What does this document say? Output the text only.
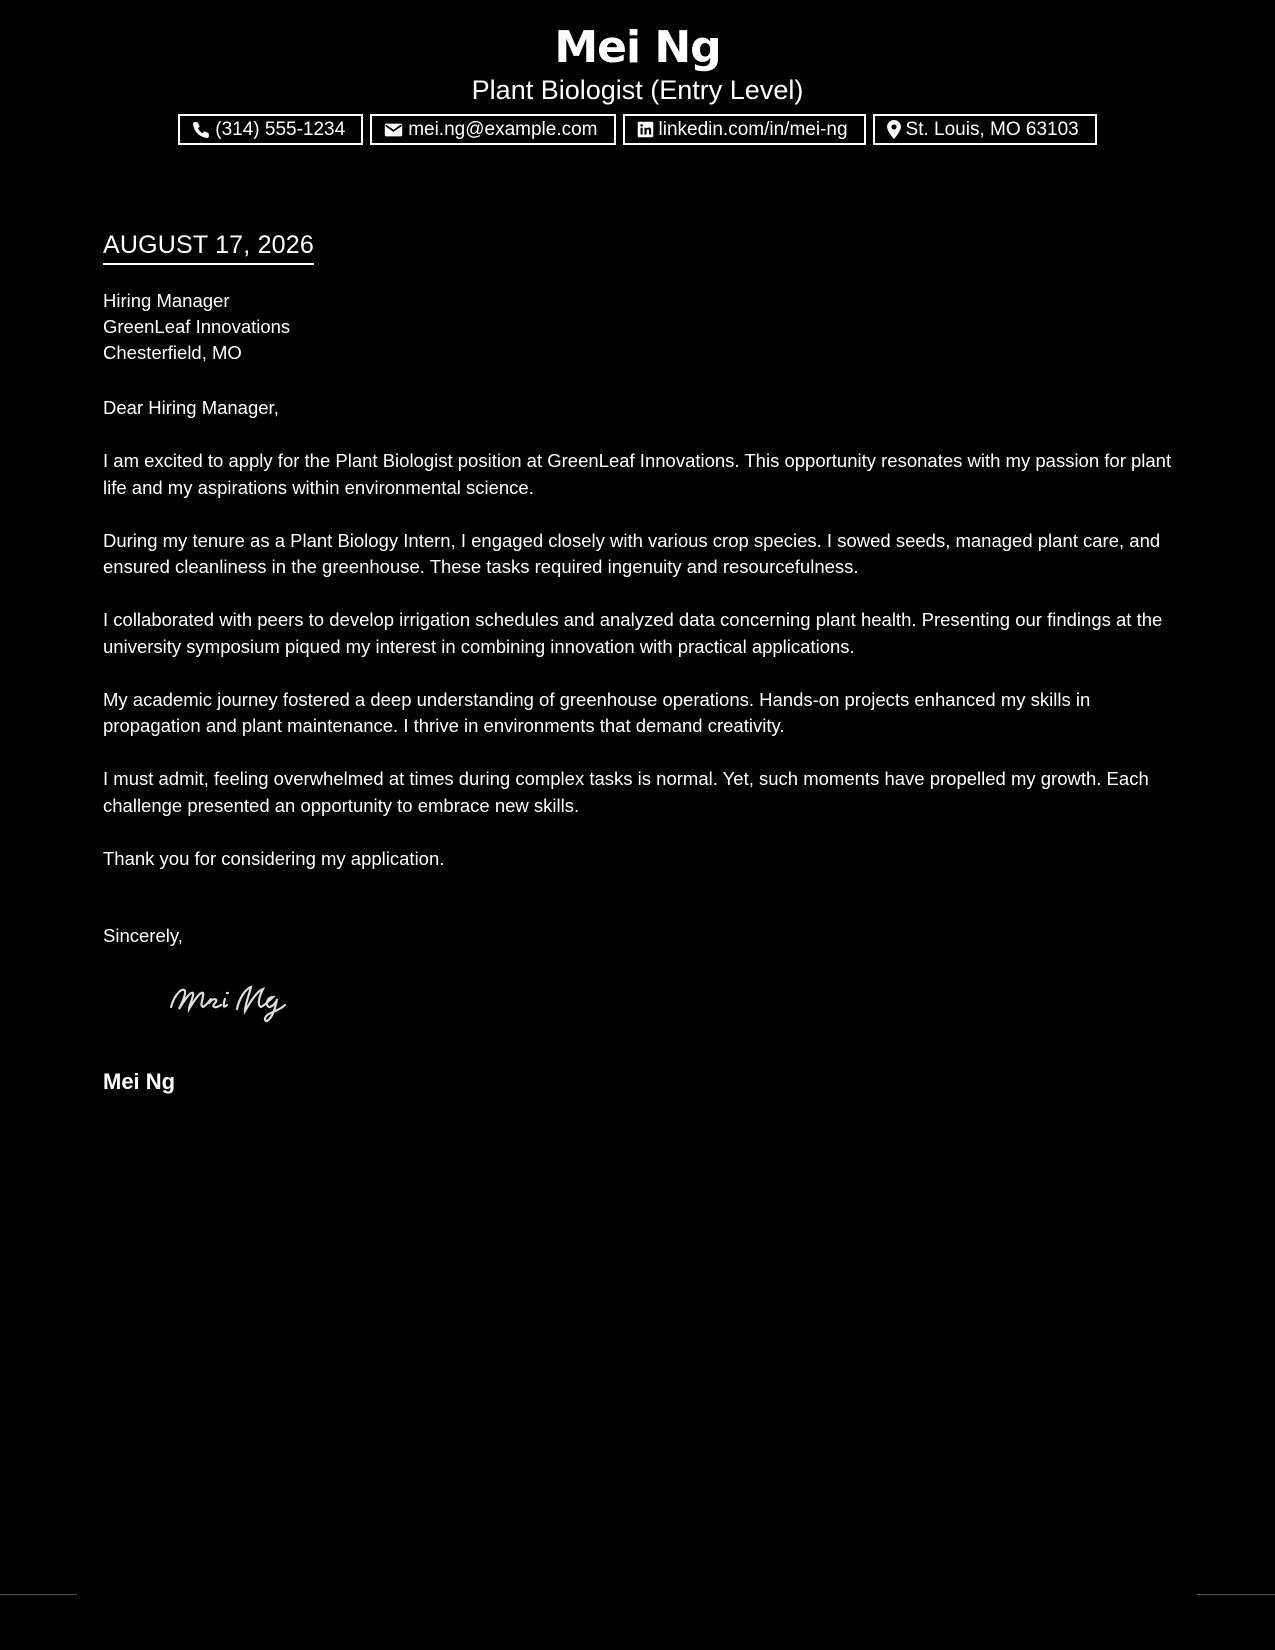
Mei Ng
Plant Biologist (Entry Level)
(314) 555-1234	mei.ng@example.com	linkedin.com/in/mei-ng	St. Louis, MO 63103
AUGUST 17, 2026
Hiring Manager
GreenLeaf Innovations
Chesterfield, MO

Dear Hiring Manager,

I am excited to apply for the Plant Biologist position at GreenLeaf Innovations. This opportunity resonates with my passion for plant life and my aspirations within environmental science.

During my tenure as a Plant Biology Intern, I engaged closely with various crop species. I sowed seeds, managed plant care, and ensured cleanliness in the greenhouse. These tasks required ingenuity and resourcefulness.

I collaborated with peers to develop irrigation schedules and analyzed data concerning plant health. Presenting our findings at the university symposium piqued my interest in combining innovation with practical applications.

My academic journey fostered a deep understanding of greenhouse operations. Hands-on projects enhanced my skills in propagation and plant maintenance. I thrive in environments that demand creativity.

I must admit, feeling overwhelmed at times during complex tasks is normal. Yet, such moments have propelled my growth. Each challenge presented an opportunity to embrace new skills.

Thank you for considering my application.

Sincerely,
Mei Ng
